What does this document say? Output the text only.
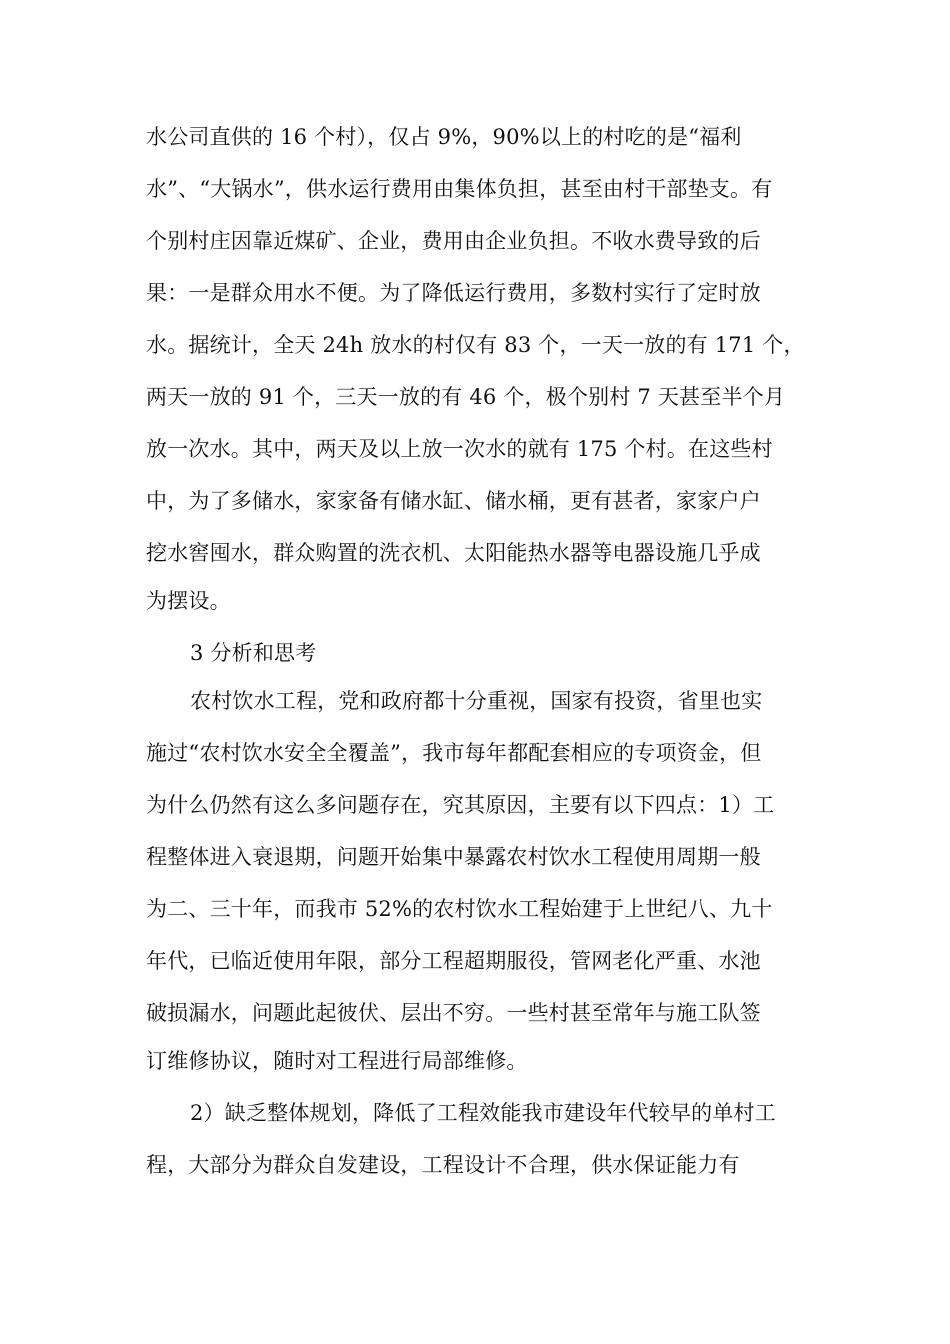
水公司直供的 16 个村），仅占 9%，90%以上的村吃的是“福利
水”、“大锅水”，供水运行费用由集体负担，甚至由村干部垫支。有
个别村庄因靠近煤矿、企业，费用由企业负担。不收水费导致的后
果：一是群众用水不便。为了降低运行费用，多数村实行了定时放
水。据统计，全天 24h 放水的村仅有 83 个，一天一放的有 171 个，
两天一放的 91 个，三天一放的有 46 个，极个别村 7 天甚至半个月
放一次水。其中，两天及以上放一次水的就有 175 个村。在这些村
中，为了多储水，家家备有储水缸、储水桶，更有甚者，家家户户
挖水窖囤水，群众购置的洗衣机、太阳能热水器等电器设施几乎成
为摆设。
3 分析和思考
农村饮水工程，党和政府都十分重视，国家有投资，省里也实
施过“农村饮水安全全覆盖”，我市每年都配套相应的专项资金，但
为什么仍然有这么多问题存在，究其原因，主要有以下四点：1）工
程整体进入衰退期，问题开始集中暴露农村饮水工程使用周期一般
为二、三十年，而我市 52%的农村饮水工程始建于上世纪八、九十
年代，已临近使用年限，部分工程超期服役，管网老化严重、水池
破损漏水，问题此起彼伏、层出不穷。一些村甚至常年与施工队签
订维修协议，随时对工程进行局部维修。
2）缺乏整体规划，降低了工程效能我市建设年代较早的单村工
程，大部分为群众自发建设，工程设计不合理，供水保证能力有
